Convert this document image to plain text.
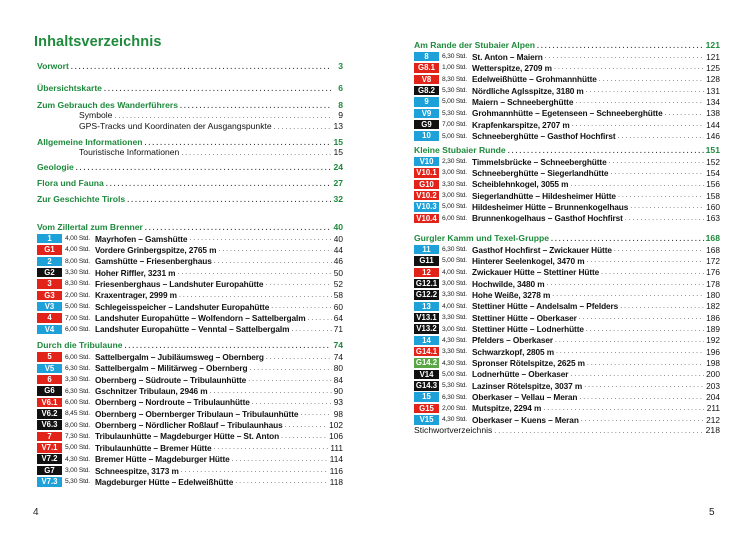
Inhaltsverzeichnis
Vorwort . . .	3
Übersichtskarte . . .	6
Zum Gebrauch des Wanderführers . . .	8
Symbole . . .	9
GPS-Tracks und Koordinaten der Ausgangspunkte . . .	13
Allgemeine Informationen . . .	15
Touristische Informationen . . .	15
Geologie . . .	24
Flora und Fauna . . .	27
Zur Geschichte Tirols . . .	32
Vom Zillertal zum Brenner . . .	40
1	4,00 Std. Mayrhofen – Gamshütte . . .	40
G1	4,00 Std. Vordere Grinbergspitze, 2765 m . . .	44
2	8,00 Std. Gamshütte – Friesenberghaus . . .	46
G2	3,30 Std. Hoher Riffler, 3231 m . . .	50
3	8,30 Std. Friesenberghaus – Landshuter Europahütte . . .	52
G3	2,00 Std. Kraxentrager, 2999 m . . .	58
V3	5,00 Std. Schlegeisspeicher – Landshuter Europahütte . . .	60
4	7,00 Std. Landshuter Europahütte – Wolfendorn – Sattelbergalm . . .	64
V4	6,00 Std. Landshuter Europahütte – Venntal – Sattelbergalm . . .	71
Durch die Tribulaune . . .	74
5	6,00 Std. Sattelbergalm – Jubiläumsweg – Obernberg . . .	74
V5	6,30 Std. Sattelbergalm – Militärweg – Obernberg . . .	80
6	3,30 Std. Obernberg – Südroute – Tribulaunhütte . . .	84
G6	6,30 Std. Gschnitzer Tribulaun, 2946 m . . .	90
V6.1	6,00 Std. Obernberg – Nordroute – Tribulaunhütte . . .	93
V6.2	8,45 Std. Obernberg – Obernberger Tribulaun – Tribulaunhütte . . .	98
V6.3	8,00 Std. Obernberg – Nördlicher Roßlauf – Tribulaunhaus . . .	102
7	7,30 Std. Tribulaunhütte – Magdeburger Hütte – St. Anton . . .	106
V7.1	5,00 Std. Tribulaunhütte – Bremer Hütte . . .	111
V7.2	4,30 Std. Bremer Hütte – Magdeburger Hütte . . .	114
G7	3,00 Std. Schneespitze, 3173 m . . .	116
V7.3	5,30 Std. Magdeburger Hütte – Edelweißhütte . . .	118
4
Am Rande der Stubaier Alpen . . .	121
8	6,30 Std. St. Anton – Maiern . . .	121
G8.1	1,00 Std. Wetterspitze, 2709 m . . .	125
V8	8,30 Std. Edelweißhütte – Grohmannhütte . . .	128
G8.2	5,30 Std. Nördliche Aglsspitze, 3180 m . . .	131
9	5,00 Std. Maiern – Schneeberghütte . . .	134
V9	5,30 Std. Grohmannhütte – Egetenseen – Schneeberghütte . . .	138
G9	7,00 Std. Krapfenkarspitze, 2707 m . . .	144
10	5,00 Std. Schneeberghütte – Gasthof Hochfirst . . .	146
Kleine Stubaier Runde . . .	151
V10	2,30 Std. Timmelsbrücke – Schneeberghütte . . .	152
V10.1 3,00 Std. Schneeberghütte – Siegerlandhütte . . .	154
G10	3,30 Std. Scheiblehnkogel, 3055 m . . .	156
V10.2 3,00 Std. Siegerlandhütte – Hildesheimer Hütte . . .	158
V10.3 5,00 Std. Hildesheimer Hütte – Brunnenkogelhaus . . .	160
V10.4 6,00 Std. Brunnenkogelhaus – Gasthof Hochfirst . . .	163
Gurgler Kamm und Texel-Gruppe . . .	168
11	6,30 Std. Gasthof Hochfirst – Zwickauer Hütte . . .	168
G11	5,00 Std. Hinterer Seelenkogel, 3470 m . . .	172
12	4,00 Std. Zwickauer Hütte – Stettiner Hütte . . .	176
G12.1 3,00 Std. Hochwilde, 3480 m . . .	178
G12.2 3,30 Std. Hohe Weiße, 3278 m . . .	180
13	4,00 Std. Stettiner Hütte – Andelsalm – Pfelders . . .	182
V13.1 3,30 Std. Stettiner Hütte – Oberkaser . . .	186
V13.2 3,00 Std. Stettiner Hütte – Lodnerhütte . . .	189
14	4,30 Std. Pfelders – Oberkaser . . .	192
G14.1 3,30 Std. Schwarzkopf, 2805 m . . .	196
G14.2 4,30 Std. Spronser Rötelspitze, 2625 m . . .	198
V14	5,00 Std. Lodnerhütte – Oberkaser . . .	200
G14.3 5,30 Std. Lazinser Rötelspitze, 3037 m . . .	203
15	6,30 Std. Oberkaser – Vellau – Meran . . .	204
G15	2,00 Std. Mutspitze, 2294 m . . .	211
V15	4,30 Std. Oberkaser – Kuens – Meran . . .	212
Stichwortverzeichnis . . .	218
5
